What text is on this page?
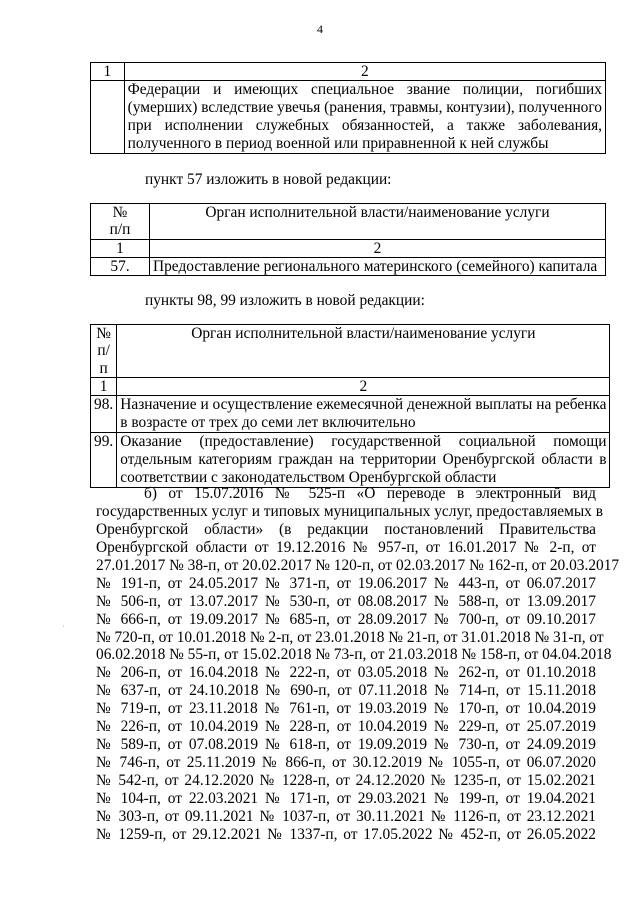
4
1	2

	Федерации и имеющих специальное звание полиции, погибших
(умерших) вследствие увечья (ранения, травмы, контузии), полученного
при исполнении служебных обязанностей, а также заболевания,
полученного в период военной или приравненной к ней службы
пункт 57 изложить в новой редакции:
№
п/п	Орган исполнительной власти/наименование услуги
1	2
57.	Предоставление регионального материнского (семейного) капитала
пункты 98, 99 изложить в новой редакции:
№
п/п	Орган исполнительной власти/наименование услуги
1	2
98.	Назначение и осуществление ежемесячной денежной выплаты на ребенка
в возрасте от трех до семи лет включительно

99.	Оказание (предоставление) государственной социальной помощи
отдельным категориям граждан на территории Оренбургской области в
соответствии с законодательством Оренбургской области
б) от 15.07.2016 № 525-п «О переводе в электронный вид
государственных услуг и типовых муниципальных услуг, предоставляемых в
Оренбургской области» (в редакции постановлений Правительства
Оренбургской области от 19.12.2016 № 957-п, от 16.01.2017 № 2-п, от
27.01.2017 № 38-п, от 20.02.2017 № 120-п, от 02.03.2017 № 162-п, от 20.03.2017
№ 191-п, от 24.05.2017 № 371-п, от 19.06.2017 № 443-п, от 06.07.2017
№ 506-п, от 13.07.2017 № 530-п, от 08.08.2017 № 588-п, от 13.09.2017
№ 666-п, от 19.09.2017 № 685-п, от 28.09.2017 № 700-п, от 09.10.2017
№ 720-п, от 10.01.2018 № 2-п, от 23.01.2018 № 21-п, от 31.01.2018 № 31-п, от
06.02.2018 № 55-п, от 15.02.2018 № 73-п, от 21.03.2018 № 158-п, от 04.04.2018
№ 206-п, от 16.04.2018 № 222-п, от 03.05.2018 № 262-п, от 01.10.2018
№ 637-п, от 24.10.2018 № 690-п, от 07.11.2018 № 714-п, от 15.11.2018
№ 719-п, от 23.11.2018 № 761-п, от 19.03.2019 № 170-п, от 10.04.2019
№ 226-п, от 10.04.2019 № 228-п, от 10.04.2019 № 229-п, от 25.07.2019
№ 589-п, от 07.08.2019 № 618-п, от 19.09.2019 № 730-п, от 24.09.2019
№ 746-п, от 25.11.2019 № 866-п, от 30.12.2019 № 1055-п, от 06.07.2020
№ 542-п, от 24.12.2020 № 1228-п, от 24.12.2020 № 1235-п, от 15.02.2021
№ 104-п, от 22.03.2021 № 171-п, от 29.03.2021 № 199-п, от 19.04.2021
№ 303-п, от 09.11.2021 № 1037-п, от 30.11.2021 № 1126-п, от 23.12.2021
№ 1259-п, от 29.12.2021 № 1337-п, от 17.05.2022 № 452-п, от 26.05.2022
·
